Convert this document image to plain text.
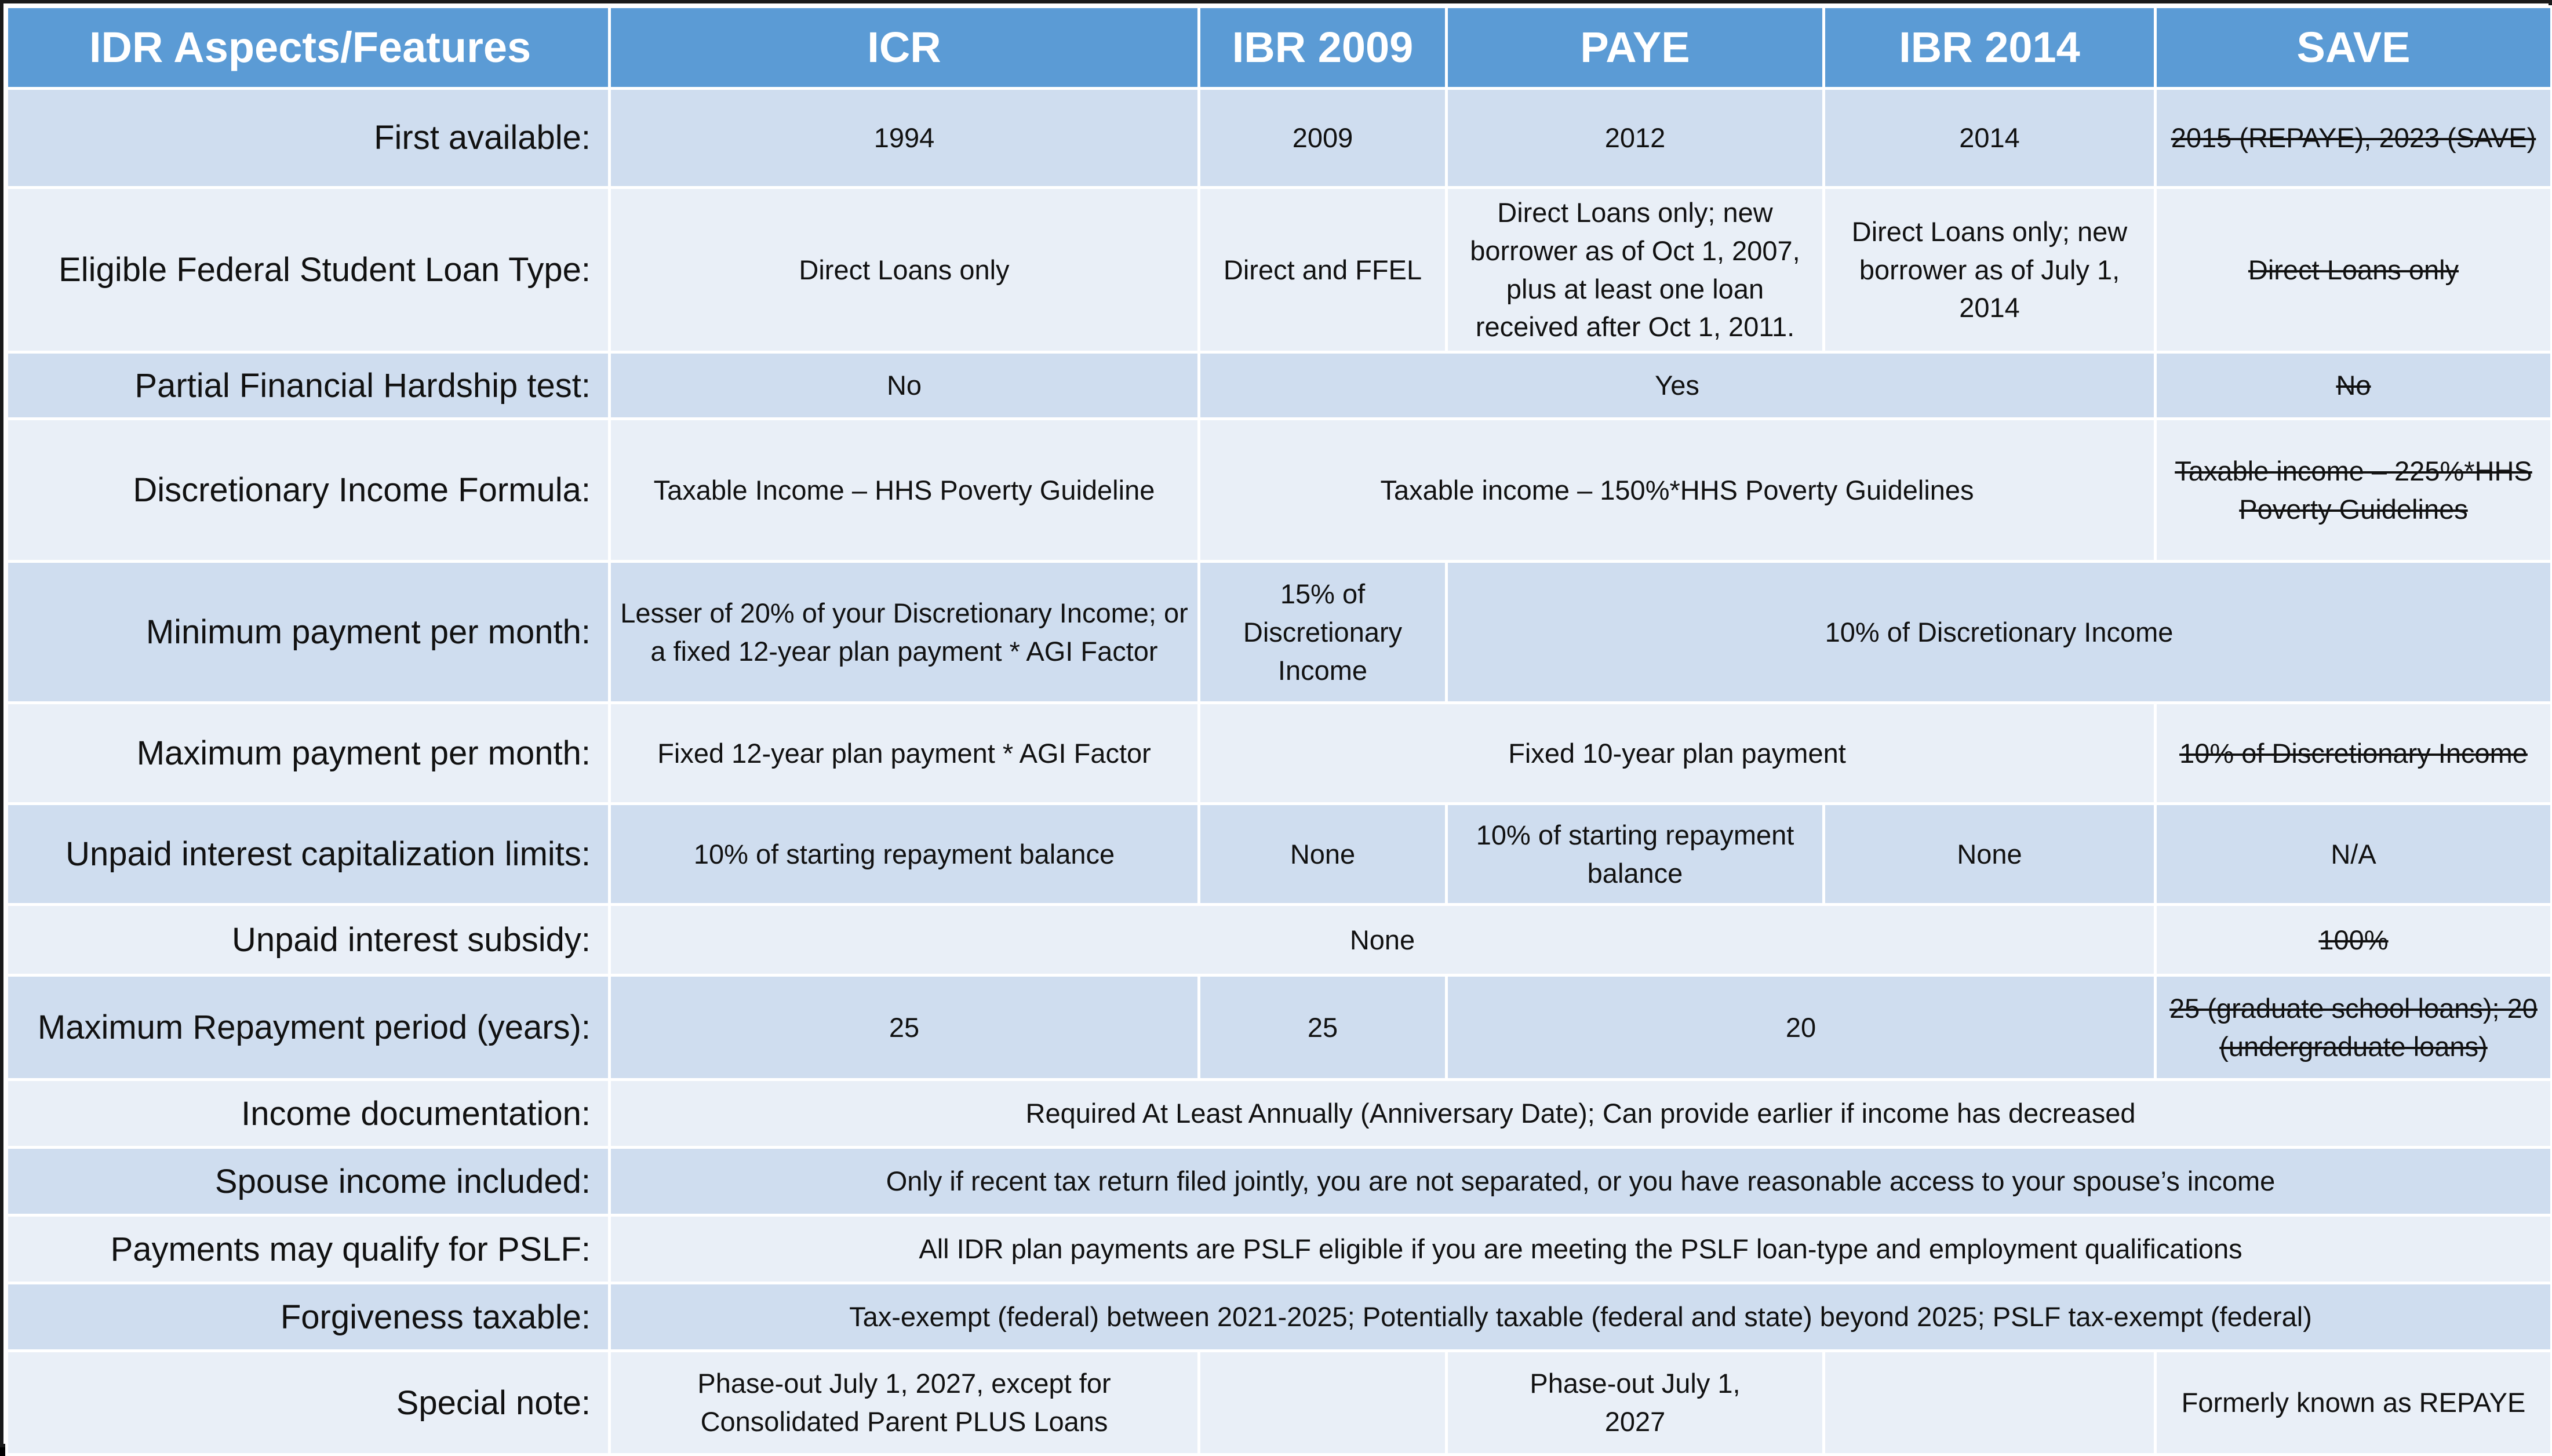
IDR Aspects/Features	ICR	IBR 2009	PAYE	IBR 2014	SAVE
First available:	1994	2009	2012	2014	2015 (REPAYE), 2023 (SAVE)
Eligible Federal Student Loan Type:	Direct Loans only	Direct and FFEL	Direct Loans only; new borrower as of Oct 1, 2007, plus at least one loan received after Oct 1, 2011.	Direct Loans only; new borrower as of July 1, 2014	Direct Loans only
Partial Financial Hardship test:	No	Yes			No
Discretionary Income Formula:	Taxable Income – HHS Poverty Guideline	Taxable income – 150%*HHS Poverty Guidelines			Taxable income – 225%*HHS Poverty Guidelines
Minimum payment per month:	Lesser of 20% of your Discretionary Income; or a fixed 12-year plan payment * AGI Factor	15% of Discretionary Income	10% of Discretionary Income		
Maximum payment per month:	Fixed 12-year plan payment * AGI Factor	Fixed 10-year plan payment			10% of Discretionary Income
Unpaid interest capitalization limits:	10% of starting repayment balance	None	10% of starting repayment balance	None	N/A
Unpaid interest subsidy:	None				100%
Maximum Repayment period (years):	25	25	20		25 (graduate school loans); 20 (undergraduate loans)
Income documentation:	Required At Least Annually (Anniversary Date); Can provide earlier if income has decreased				
Spouse income included:	Only if recent tax return filed jointly, you are not separated, or you have reasonable access to your spouse’s income				
Payments may qualify for PSLF:	All IDR plan payments are PSLF eligible if you are meeting the PSLF loan-type and employment qualifications				
Forgiveness taxable:	Tax-exempt (federal) between 2021-2025; Potentially taxable (federal and state) beyond 2025; PSLF tax-exempt (federal)				
Special note:	Phase-out July 1, 2027, except for Consolidated Parent PLUS Loans		Phase-out July 1, 2027		Formerly known as REPAYE
